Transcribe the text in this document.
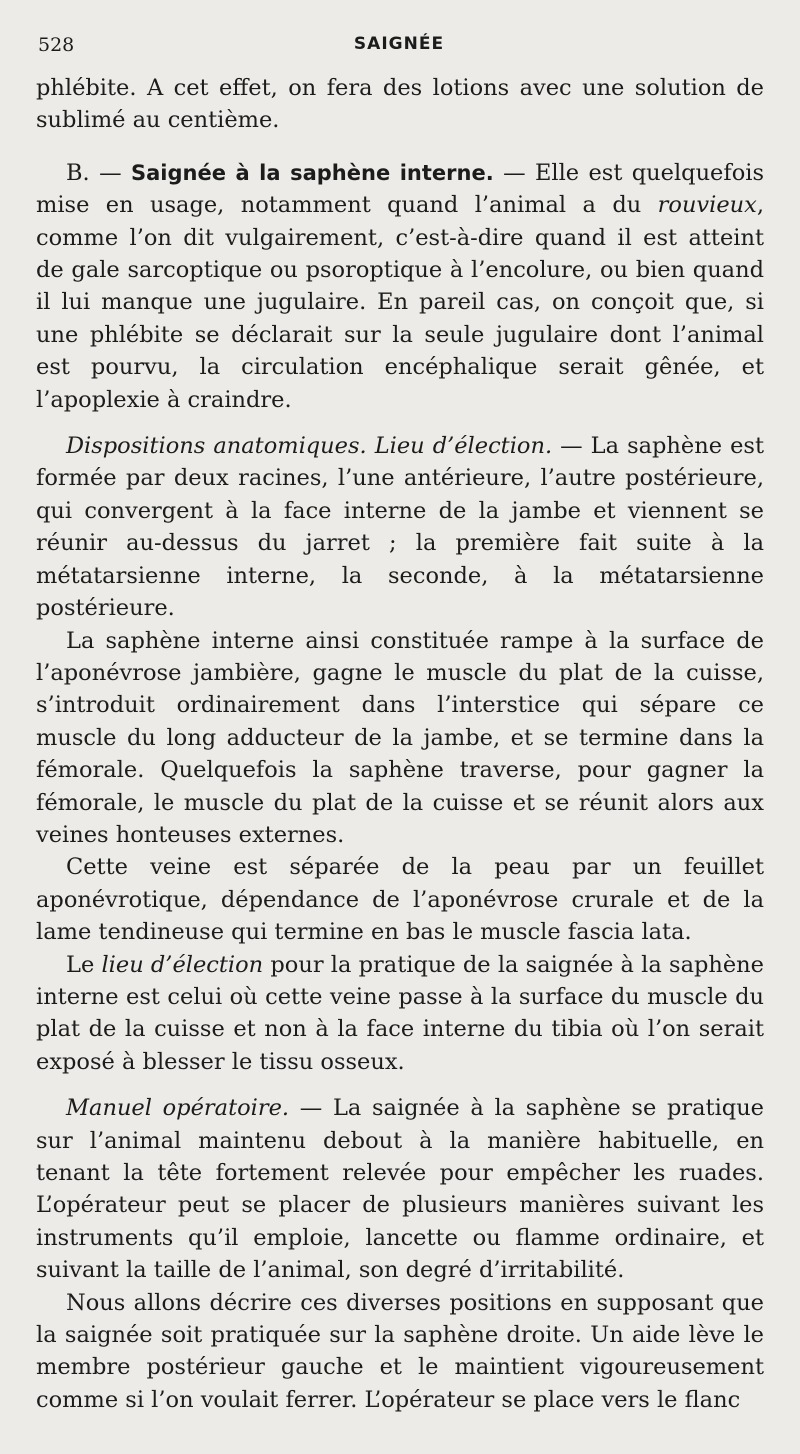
528	SAIGNÉE

phlébite. A cet effet, on fera des lotions avec une solution de sublimé au centième.

B. — Saignée à la saphène interne. — Elle est quelquefois mise en usage, notamment quand l’animal a du rouvieux, comme l’on dit vulgairement, c’est-à-dire quand il est atteint de gale sarcoptique ou psoroptique à l’encolure, ou bien quand il lui manque une jugulaire. En pareil cas, on conçoit que, si une phlébite se déclarait sur la seule jugulaire dont l’animal est pourvu, la circulation encéphalique serait gênée, et l’apoplexie à craindre.

Dispositions anatomiques. Lieu d’élection. — La saphène est formée par deux racines, l’une antérieure, l’autre postérieure, qui convergent à la face interne de la jambe et viennent se réunir au-dessus du jarret ; la première fait suite à la métatarsienne interne, la seconde, à la métatarsienne postérieure.

La saphène interne ainsi constituée rampe à la surface de l’aponévrose jambière, gagne le muscle du plat de la cuisse, s’introduit ordinairement dans l’interstice qui sépare ce muscle du long adducteur de la jambe, et se termine dans la fémorale. Quelquefois la saphène traverse, pour gagner la fémorale, le muscle du plat de la cuisse et se réunit alors aux veines honteuses externes.

Cette veine est séparée de la peau par un feuillet aponévrotique, dépendance de l’aponévrose crurale et de la lame tendineuse qui termine en bas le muscle fascia lata.

Le lieu d’élection pour la pratique de la saignée à la saphène interne est celui où cette veine passe à la surface du muscle du plat de la cuisse et non à la face interne du tibia où l’on serait exposé à blesser le tissu osseux.

Manuel opératoire. — La saignée à la saphène se pratique sur l’animal maintenu debout à la manière habituelle, en tenant la tête fortement relevée pour empêcher les ruades. L’opérateur peut se placer de plusieurs manières suivant les instruments qu’il emploie, lancette ou flamme ordinaire, et suivant la taille de l’animal, son degré d’irritabilité.

Nous allons décrire ces diverses positions en supposant que la saignée soit pratiquée sur la saphène droite. Un aide lève le membre postérieur gauche et le maintient vigoureusement comme si l’on voulait ferrer. L’opérateur se place vers le flanc
